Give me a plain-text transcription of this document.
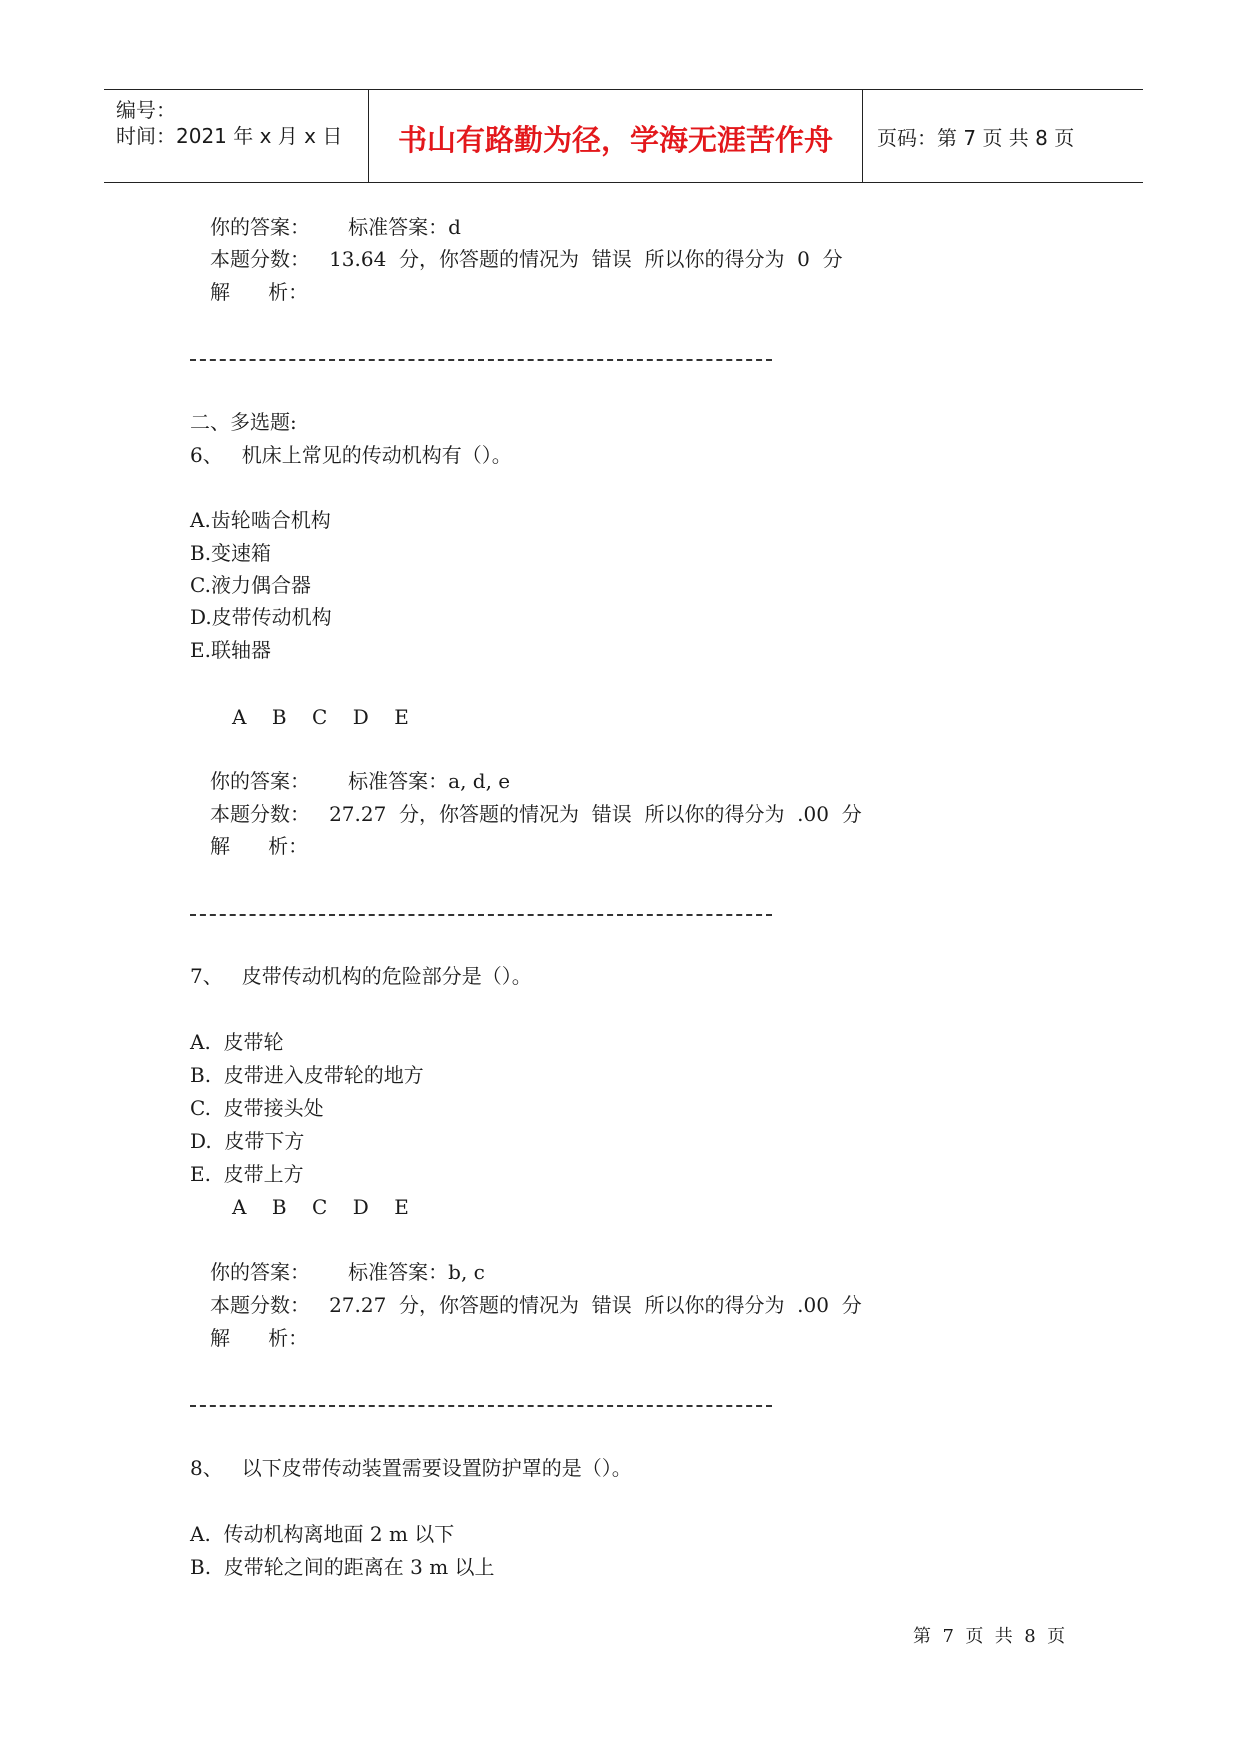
编号：
时间：2021 年 x 月 x 日	书山有路勤为径，学海无涯苦作舟	页码：第 7 页 共 8 页
你的答案：      标准答案：d
本题分数：   13.64  分，你答题的情况为  错误  所以你的得分为  0  分
解      析：
二、多选题:
6、   机床上常见的传动机构有（）。
A.齿轮啮合机构
B.变速箱
C.液力偶合器
D.皮带传动机构
E.联轴器
A    B    C    D    E
你的答案：      标准答案：a, d, e
本题分数：   27.27  分，你答题的情况为  错误  所以你的得分为  .00  分
解      析：
7、   皮带传动机构的危险部分是（）。
A.  皮带轮
B.  皮带进入皮带轮的地方
C.  皮带接头处
D.  皮带下方
E.  皮带上方
A    B    C    D    E
你的答案：      标准答案：b, c
本题分数：   27.27  分，你答题的情况为  错误  所以你的得分为  .00  分
解      析：
8、   以下皮带传动装置需要设置防护罩的是（）。
A.  传动机构离地面 2 m 以下
B.  皮带轮之间的距离在 3 m 以上
第  7  页  共  8  页
